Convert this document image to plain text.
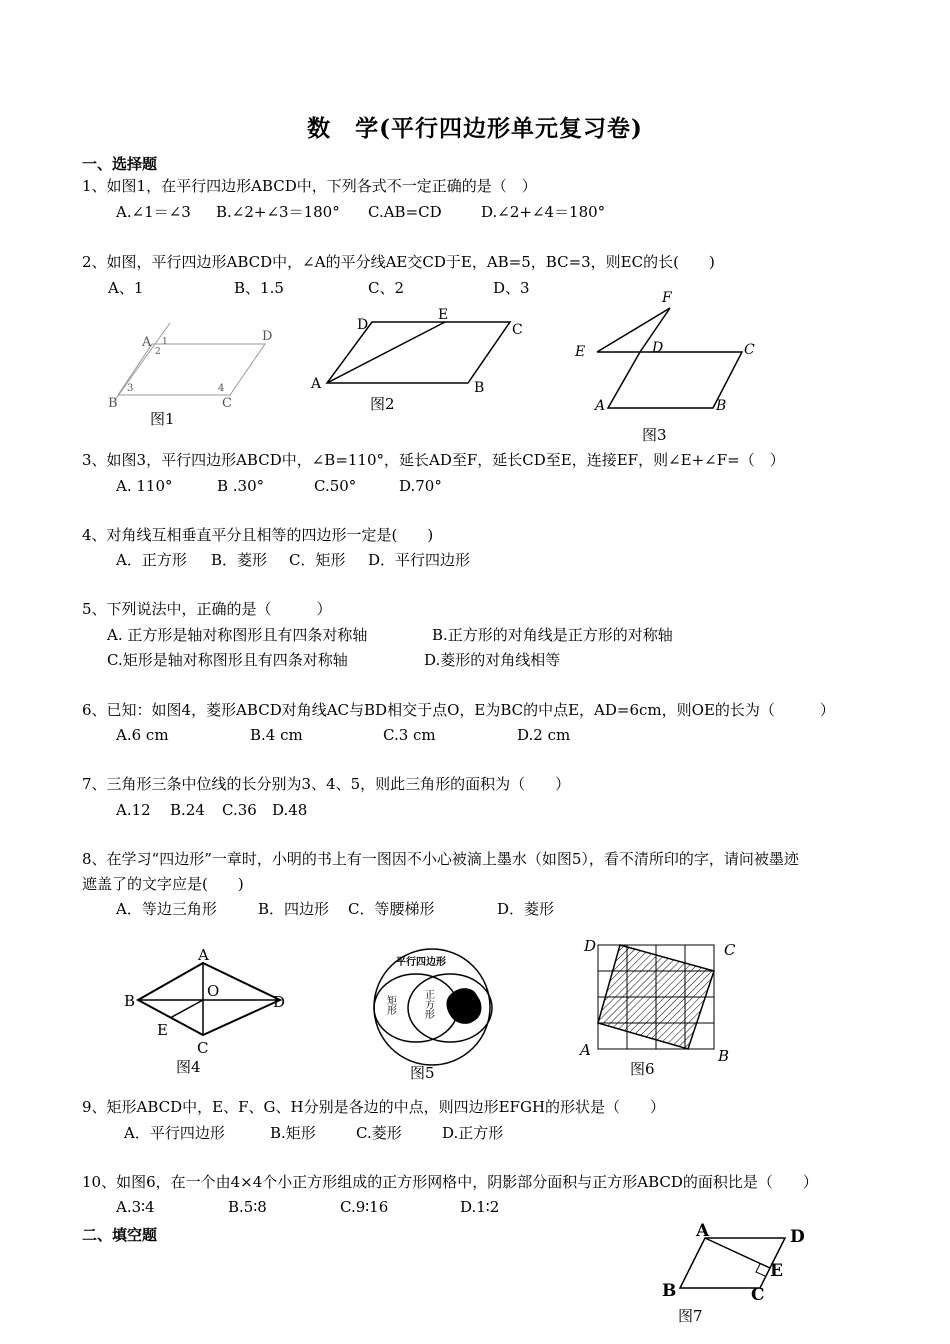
数　学(平行四边形单元复习卷)
一、选择题
1、如图1，在平行四边形ABCD中，下列各式不一定正确的是（　）
A.∠1＝∠3 B.∠2+∠3＝180° C.AB=CD	D.∠2+∠4＝180°
2、如图，平行四边形ABCD中，∠A的平分线AE交CD于E，AB=5，BC=3，则EC的长(　　)
A、1	B、1.5	C、2	D、3
A
B	C
D
1
2
3	4
图1
A	B
C
D
E
图2	A	B
C
D
E
F
图3
3、如图3，平行四边形ABCD中，∠B=110°，延长AD至F，延长CD至E，连接EF，则∠E+∠F=（　）
A. 110°	B .30°	C.50°	D.70°
4、对角线互相垂直平分且相等的四边形一定是(　　)
A．正方形 B．菱形 C．矩形 D．平行四边形
5、下列说法中，正确的是（　　　）
A. 正方形是轴对称图形且有四条对称轴	B.正方形的对角线是正方形的对称轴
C.矩形是轴对称图形且有四条对称轴	D.菱形的对角线相等
6、已知：如图4，菱形ABCD对角线AC与BD相交于点O，E为BC的中点E，AD=6cm，则OE的长为（　　　）
A.6 cm	B.4 cm	C.3 cm	D.2 cm
7、三角形三条中位线的长分别为3、4、5，则此三角形的面积为（　　）
A.12 B.24 C.36 D.48
8、在学习“四边形”一章时，小明的书上有一图因不小心被滴上墨水（如图5），看不清所印的字，请问被墨迹
遮盖了的文字应是(　　)
A．等边三角形	B．四边形 C．等腰梯形	D．菱形
A
B
C
D
O
E
图4
平行四边形
矩形	正方形
图5
D	C
A	B
图6
9、矩形ABCD中，E、F、G、H分别是各边的中点，则四边形EFGH的形状是（　　）
A．平行四边形	B.矩形	C.菱形	D.正方形
10、如图6，在一个由4×4个小正方形组成的正方形网格中，阴影部分面积与正方形ABCD的面积比是（　　）
A.3∶4	B.5∶8	C.9∶16	D.1∶2
二、填空题	A
B	C
D
E
图7
